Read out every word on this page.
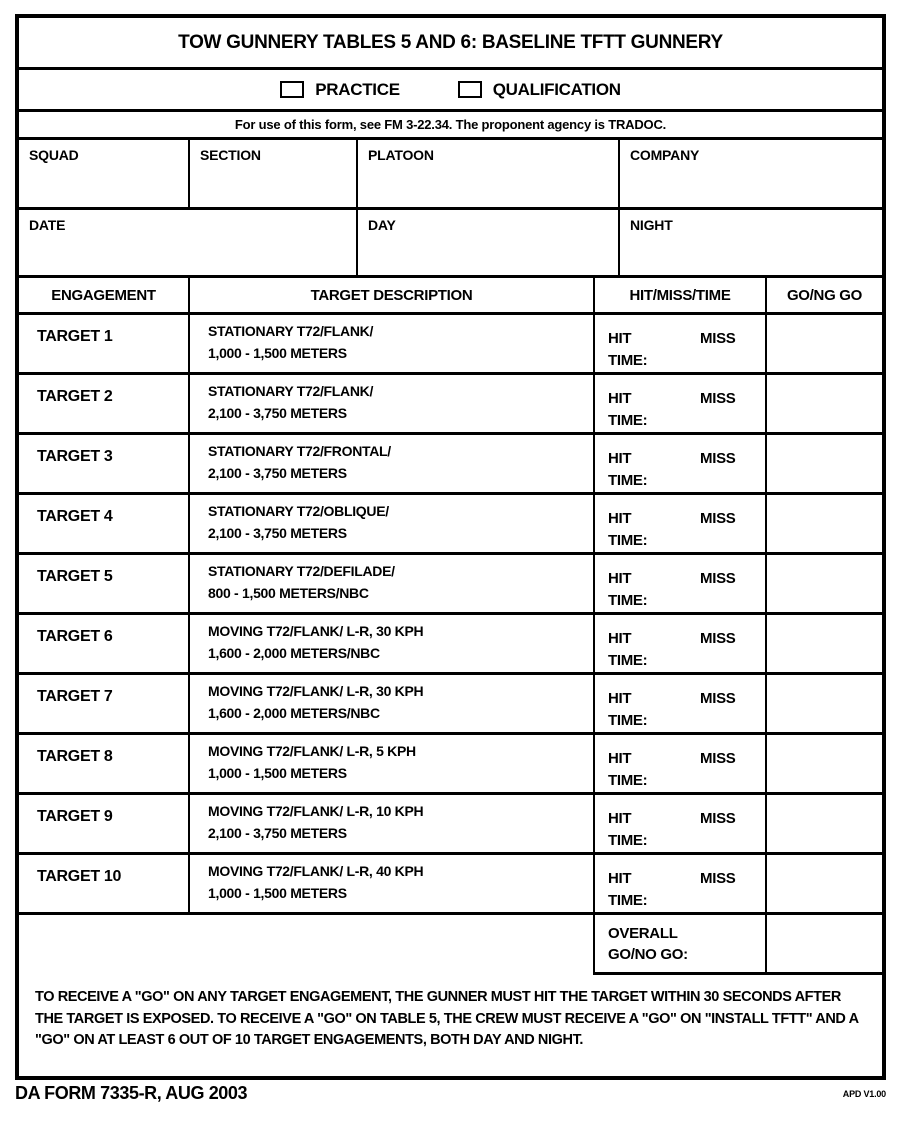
TOW GUNNERY TABLES 5 AND 6: BASELINE TFTT GUNNERY
PRACTICE	QUALIFICATION
For use of this form, see FM 3-22.34. The proponent agency is TRADOC.
SQUAD	SECTION	PLATOON	COMPANY
DATE	DAY	NIGHT
ENGAGEMENT	TARGET DESCRIPTION	HIT/MISS/TIME	GO/NG GO
TARGET 1	STATIONARY T72/FLANK/
1,000 - 1,500 METERS
HIT	MISS
TIME:
TARGET 2	STATIONARY T72/FLANK/
2,100 - 3,750 METERS
HIT	MISS
TIME:
TARGET 3	STATIONARY T72/FRONTAL/
2,100 - 3,750 METERS
HIT	MISS
TIME:
TARGET 4	STATIONARY T72/OBLIQUE/
2,100 - 3,750 METERS
HIT	MISS
TIME:
TARGET 5	STATIONARY T72/DEFILADE/
800 - 1,500 METERS/NBC
HIT	MISS
TIME:
TARGET 6	MOVING T72/FLANK/ L-R, 30 KPH
1,600 - 2,000 METERS/NBC
HIT	MISS
TIME:
TARGET 7	MOVING T72/FLANK/ L-R, 30 KPH
1,600 - 2,000 METERS/NBC
HIT	MISS
TIME:
TARGET 8	MOVING T72/FLANK/ L-R, 5 KPH
1,000 - 1,500 METERS
HIT	MISS
TIME:
TARGET 9	MOVING T72/FLANK/ L-R, 10 KPH
2,100 - 3,750 METERS
HIT	MISS
TIME:
TARGET 10	MOVING T72/FLANK/ L-R, 40 KPH
1,000 - 1,500 METERS
HIT	MISS
TIME:
OVERALL
GO/NO GO:
TO RECEIVE A "GO" ON ANY TARGET ENGAGEMENT, THE GUNNER MUST HIT THE TARGET WITHIN 30 SECONDS AFTER THE TARGET IS EXPOSED. TO RECEIVE A "GO" ON TABLE 5, THE CREW MUST RECEIVE A "GO" ON "INSTALL TFTT" AND A "GO" ON AT LEAST 6 OUT OF 10 TARGET ENGAGEMENTS, BOTH DAY AND NIGHT.
DA FORM 7335-R, AUG 2003	APD V1.00
